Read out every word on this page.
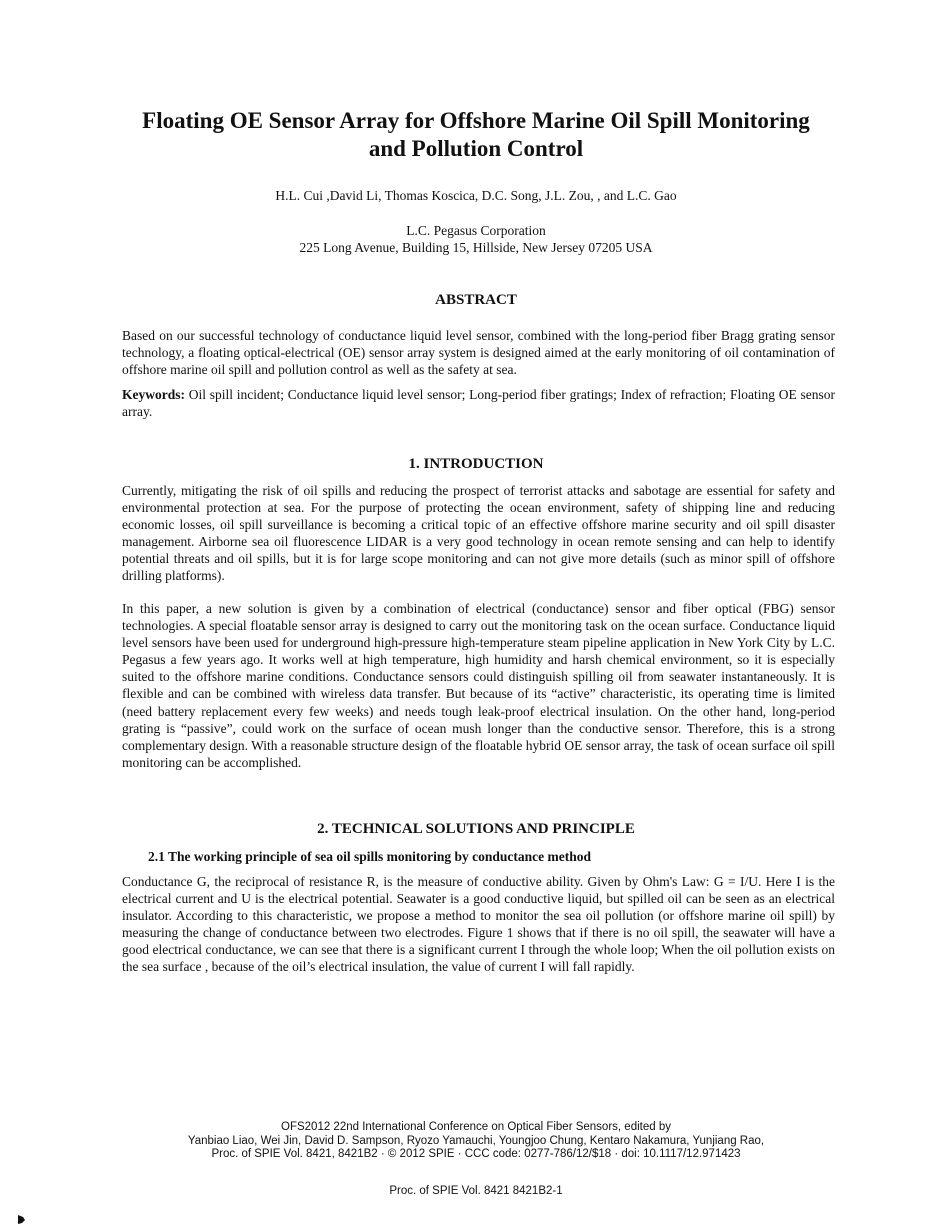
Floating OE Sensor Array for Offshore Marine Oil Spill Monitoring
and Pollution Control
H.L. Cui ,David Li, Thomas Koscica, D.C. Song, J.L. Zou, , and L.C. Gao
L.C. Pegasus Corporation
225 Long Avenue, Building 15, Hillside, New Jersey 07205 USA
ABSTRACT

Based on our successful technology of conductance liquid level sensor, combined with the long-period fiber Bragg grating sensor technology, a floating optical-electrical (OE) sensor array system is designed aimed at the early monitoring of oil contamination of offshore marine oil spill and pollution control as well as the safety at sea.

Keywords: Oil spill incident; Conductance liquid level sensor; Long-period fiber gratings; Index of refraction; Floating OE sensor array.

1. INTRODUCTION

Currently, mitigating the risk of oil spills and reducing the prospect of terrorist attacks and sabotage are essential for safety and environmental protection at sea. For the purpose of protecting the ocean environment, safety of shipping line and reducing economic losses, oil spill surveillance is becoming a critical topic of an effective offshore marine security and oil spill disaster management. Airborne sea oil fluorescence LIDAR is a very good technology in ocean remote sensing and can help to identify potential threats and oil spills, but it is for large scope monitoring and can not give more details (such as minor spill of offshore drilling platforms).

In this paper, a new solution is given by a combination of electrical (conductance) sensor and fiber optical (FBG) sensor technologies. A special floatable sensor array is designed to carry out the monitoring task on the ocean surface. Conductance liquid level sensors have been used for underground high-pressure high-temperature steam pipeline application in New York City by L.C. Pegasus a few years ago. It works well at high temperature, high humidity and harsh chemical environment, so it is especially suited to the offshore marine conditions. Conductance sensors could distinguish spilling oil from seawater instantaneously. It is flexible and can be combined with wireless data transfer. But because of its “active” characteristic, its operating time is limited (need battery replacement every few weeks) and needs tough leak-proof electrical insulation. On the other hand, long-period grating is “passive”, could work on the surface of ocean mush longer than the conductive sensor. Therefore, this is a strong complementary design. With a reasonable structure design of the floatable hybrid OE sensor array, the task of ocean surface oil spill monitoring can be accomplished.

2. TECHNICAL SOLUTIONS AND PRINCIPLE
2.1 The working principle of sea oil spills monitoring by conductance method

Conductance G, the reciprocal of resistance R, is the measure of conductive ability. Given by Ohm's Law: G = I/U. Here I is the electrical current and U is the electrical potential. Seawater is a good conductive liquid, but spilled oil can be seen as an electrical insulator. According to this characteristic, we propose a method to monitor the sea oil pollution (or offshore marine oil spill) by measuring the change of conductance between two electrodes. Figure 1 shows that if there is no oil spill, the seawater will have a good electrical conductance, we can see that there is a significant current I through the whole loop; When the oil pollution exists on the sea surface , because of the oil’s electrical insulation, the value of current I will fall rapidly.

OFS2012 22nd International Conference on Optical Fiber Sensors, edited by
Yanbiao Liao, Wei Jin, David D. Sampson, Ryozo Yamauchi, Youngjoo Chung, Kentaro Nakamura, Yunjiang Rao,
Proc. of SPIE Vol. 8421, 8421B2 · © 2012 SPIE · CCC code: 0277-786/12/$18 · doi: 10.1117/12.971423
Proc. of SPIE Vol. 8421 8421B2-1
